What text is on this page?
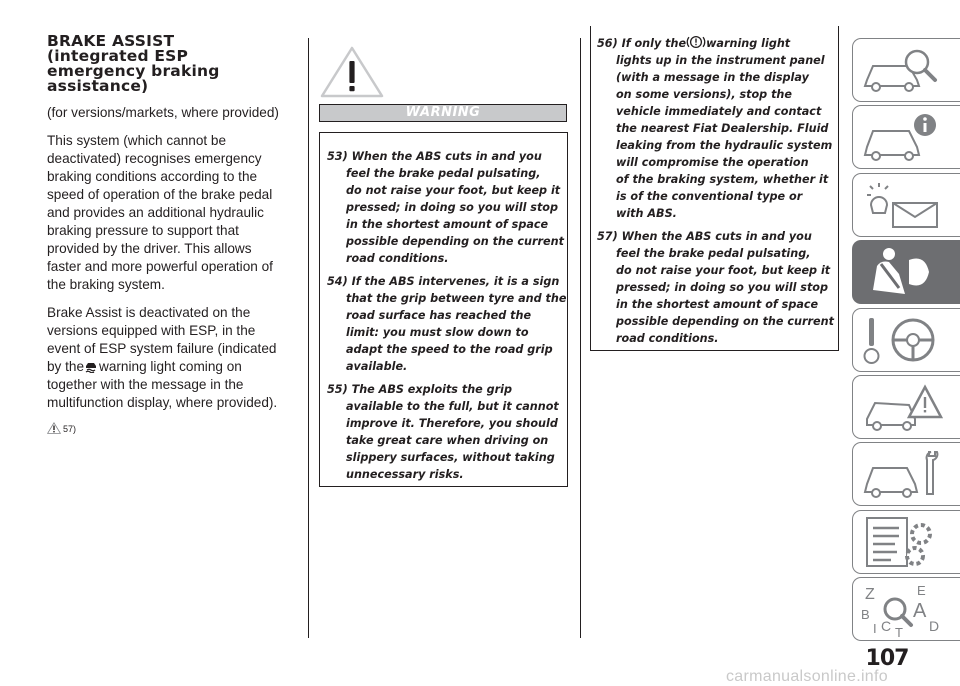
BRAKE ASSIST
(integrated ESP
emergency braking
assistance)

(for versions/markets, where provided)

This system (which cannot be
deactivated) recognises emergency
braking conditions according to the
speed of operation of the brake pedal
and provides an additional hydraulic
braking pressure to support that
provided by the driver. This allows
faster and more powerful operation of
the braking system.

Brake Assist is deactivated on the
versions equipped with ESP, in the
event of ESP system failure (indicated
by the warning light coming on
together with the message in the
multifunction display, where provided).

57)
WARNING
53) When the ABS cuts in and you
feel the brake pedal pulsating,
do not raise your foot, but keep it
pressed; in doing so you will stop
in the shortest amount of space
possible depending on the current
road conditions.
54) If the ABS intervenes, it is a sign
that the grip between tyre and the
road surface has reached the
limit: you must slow down to
adapt the speed to the road grip
available.
55) The ABS exploits the grip
available to the full, but it cannot
improve it. Therefore, you should
take great care when driving on
slippery surfaces, without taking
unnecessary risks.
56) If only the warning light
lights up in the instrument panel
(with a message in the display
on some versions), stop the
vehicle immediately and contact
the nearest Fiat Dealership. Fluid
leaking from the hydraulic system
will compromise the operation
of the braking system, whether it
is of the conventional type or
with ABS.
57) When the ABS cuts in and you
feel the brake pedal pulsating,
do not raise your foot, but keep it
pressed; in doing so you will stop
in the shortest amount of space
possible depending on the current
road conditions.
Z	E
B A
I C T D
107
carmanualsonline.info
